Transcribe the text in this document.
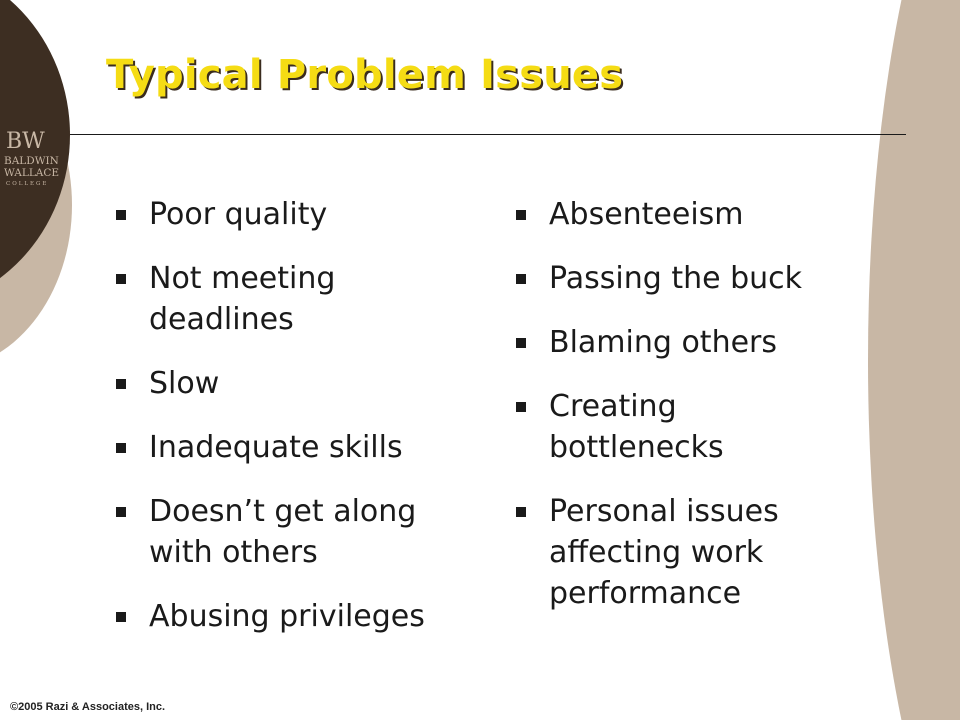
BW
BALDWIN
WALLACE
COLLEGE
Typical Problem Issues
Poor quality
Not meeting deadlines
Slow
Inadequate skills
Doesn’t get along with others
Abusing privileges
Absenteeism
Passing the buck
Blaming others
Creating bottlenecks
Personal issues affecting work performance

©2005 Razi & Associates, Inc.
